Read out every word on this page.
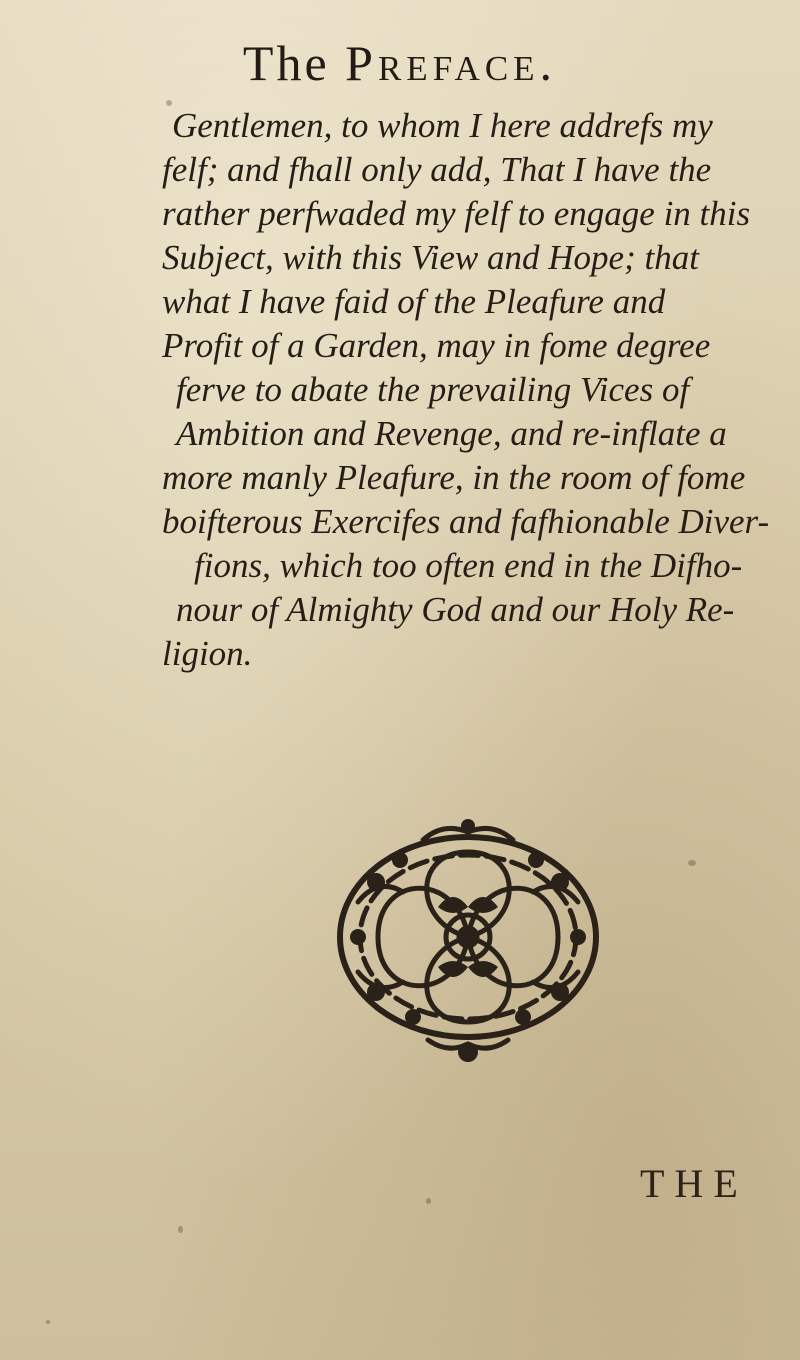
The Preface.
Gentlemen, to whom I here addrefs my
felf; and fhall only add, That I have the
rather perfwaded my felf to engage in this
Subject, with this View and Hope; that
what I have faid of the Pleafure and
Profit of a Garden, may in fome degree
ferve to abate the prevailing Vices of
Ambition and Revenge, and re-inflate a
more manly Pleafure, in the room of fome
boifterous Exercifes and fafhionable Diver-
fions, which too often end in the Difho-
nour of Almighty God and our Holy Re-
ligion.
THE
